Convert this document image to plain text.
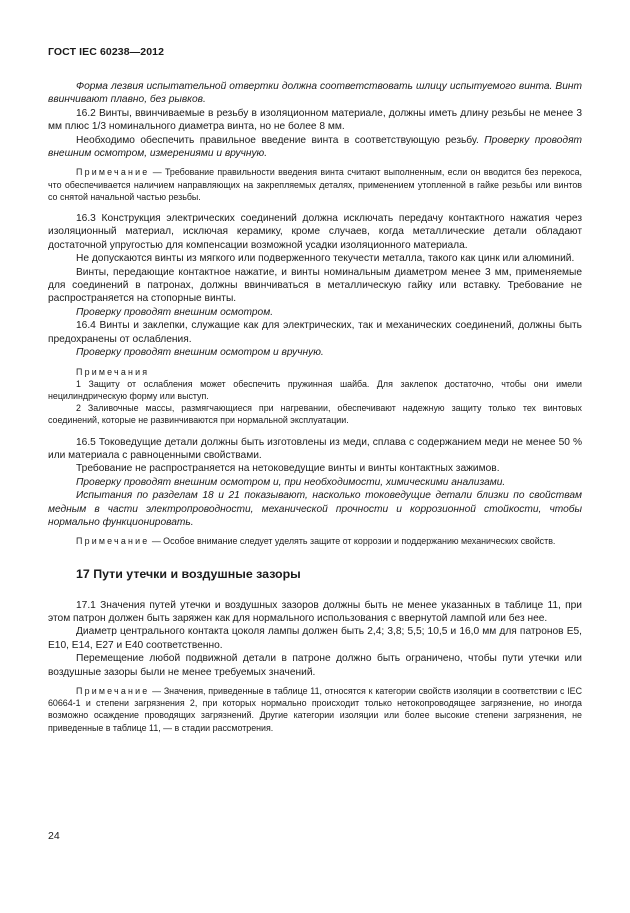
ГОСТ IEC 60238—2012

Форма лезвия испытательной отвертки должна соответствовать шлицу испытуемого винта. Винт ввинчивают плавно, без рывков.

16.2 Винты, ввинчиваемые в резьбу в изоляционном материале, должны иметь длину резьбы не менее 3 мм плюс 1/3 номинального диаметра винта, но не более 8 мм.

Необходимо обеспечить правильное введение винта в соответствующую резьбу. Проверку проводят внешним осмотром, измерениями и вручную.

Примечание — Требование правильности введения винта считают выполненным, если он вводится без перекоса, что обеспечивается наличием направляющих на закрепляемых деталях, применением утопленной в гайке резьбы или винтов со снятой начальной частью резьбы.

16.3 Конструкция электрических соединений должна исключать передачу контактного нажатия через изоляционный материал, исключая керамику, кроме случаев, когда металлические детали обладают достаточной упругостью для компенсации возможной усадки изоляционного материала.

Не допускаются винты из мягкого или подверженного текучести металла, такого как цинк или алюминий.

Винты, передающие контактное нажатие, и винты номинальным диаметром менее 3 мм, применяемые для соединений в патронах, должны ввинчиваться в металлическую гайку или вставку. Требование не распространяется на стопорные винты.

Проверку проводят внешним осмотром.

16.4 Винты и заклепки, служащие как для электрических, так и механических соединений, должны быть предохранены от ослабления.

Проверку проводят внешним осмотром и вручную.

Примечания

1 Защиту от ослабления может обеспечить пружинная шайба. Для заклепок достаточно, чтобы они имели нецилиндрическую форму или выступ.

2 Заливочные массы, размягчающиеся при нагревании, обеспечивают надежную защиту только тех винтовых соединений, которые не развинчиваются при нормальной эксплуатации.

16.5 Токоведущие детали должны быть изготовлены из меди, сплава с содержанием меди не менее 50 % или материала с равноценными свойствами.

Требование не распространяется на нетоковедущие винты и винты контактных зажимов.

Проверку проводят внешним осмотром и, при необходимости, химическими анализами.

Испытания по разделам 18 и 21 показывают, насколько токоведущие детали близки по свойствам медным в части электропроводности, механической прочности и коррозионной стойкости, чтобы нормально функционировать.

Примечание — Особое внимание следует уделять защите от коррозии и поддержанию механических свойств.

17 Пути утечки и воздушные зазоры

17.1 Значения путей утечки и воздушных зазоров должны быть не менее указанных в таблице 11, при этом патрон должен быть заряжен как для нормального использования с ввернутой лампой или без нее.

Диаметр центрального контакта цоколя лампы должен быть 2,4; 3,8; 5,5; 10,5 и 16,0 мм для патронов E5, E10, E14, E27 и E40 соответственно.

Перемещение любой подвижной детали в патроне должно быть ограничено, чтобы пути утечки или воздушные зазоры были не менее требуемых значений.

Примечание — Значения, приведенные в таблице 11, относятся к категории свойств изоляции в соответствии с IEC 60664-1 и степени загрязнения 2, при которых нормально происходит только нетокопроводящее загрязнение, но иногда возможно осаждение проводящих загрязнений. Другие категории изоляции или более высокие степени загрязнения, не приведенные в таблице 11, — в стадии рассмотрения.

24
